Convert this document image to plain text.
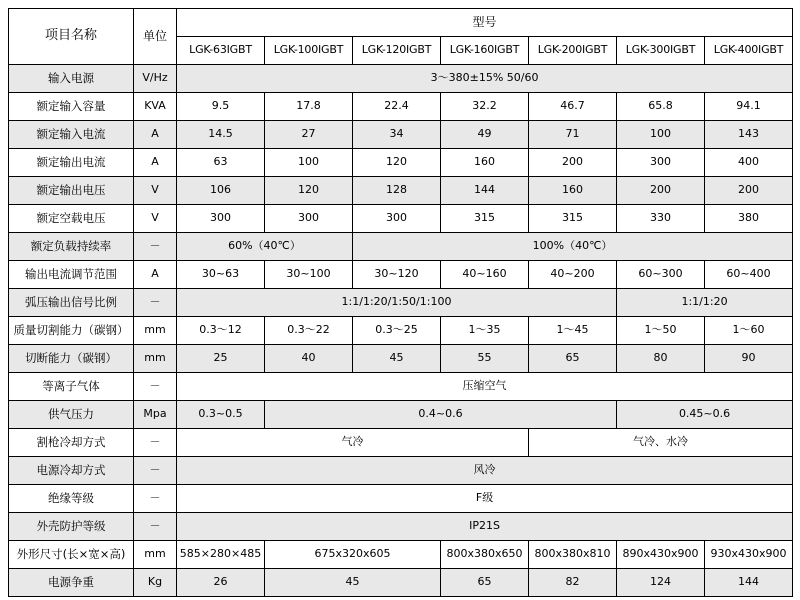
项目名称	单位	型号						
		LGK-63IGBT	LGK-100IGBT	LGK-120IGBT	LGK-160IGBT	LGK-200IGBT	LGK-300IGBT	LGK-400IGBT
输入电源	V/Hz	3～380±15% 50/60						
额定输入容量	KVA	9.5	17.8	22.4	32.2	46.7	65.8	94.1
额定输入电流	A	14.5	27	34	49	71	100	143
额定输出电流	A	63	100	120	160	200	300	400
额定输出电压	V	106	120	128	144	160	200	200
额定空载电压	V	300	300	300	315	315	330	380
额定负载持续率	－	60%（40℃）		100%（40℃）				
输出电流调节范围	A	30~63	30~100	30~120	40~160	40~200	60~300	60~400
弧压输出信号比例	－	1:1/1:20/1:50/1:100					1:1/1:20	
质量切割能力（碳钢）	mm	0.3～12	0.3～22	0.3～25	1～35	1～45	1～50	1～60
切断能力（碳钢）	mm	25	40	45	55	65	80	90
等离子气体	－	压缩空气						
供气压力	Mpa	0.3~0.5	0.4~0.6				0.45~0.6	
割枪冷却方式	－	气冷				气冷、水冷		
电源冷却方式	－	风冷						
绝缘等级	－	F级						
外壳防护等级	－	IP21S						
外形尺寸(长×宽×高)	mm	585×280×485	675x320x605		800x380x650	800x380x810	890x430x900	930x430x900
电源争重	Kg	26	45		65	82	124	144
